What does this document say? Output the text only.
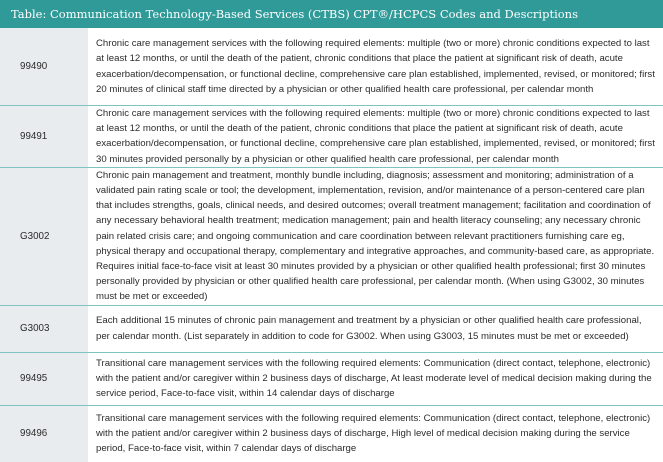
Table: Communication Technology-Based Services (CTBS) CPT®/HCPCS Codes and Descriptions
99490	Chronic care management services with the following required elements: multiple (two or more) chronic conditions expected to last at least 12 months, or until the death of the patient, chronic conditions that place the patient at significant risk of death, acute exacerbation/decompensation, or functional decline, comprehensive care plan established, implemented, revised, or monitored; first 20 minutes of clinical staff time directed by a physician or other qualified health care professional, per calendar month
99491	Chronic care management services with the following required elements: multiple (two or more) chronic conditions expected to last at least 12 months, or until the death of the patient, chronic conditions that place the patient at significant risk of death, acute exacerbation/decompensation, or functional decline, comprehensive care plan established, implemented, revised, or monitored; first 30 minutes provided personally by a physician or other qualified health care professional, per calendar month
G3002	Chronic pain management and treatment, monthly bundle including, diagnosis; assessment and monitoring; administration of a validated pain rating scale or tool; the development, implementation, revision, and/or maintenance of a person-centered care plan that includes strengths, goals, clinical needs, and desired outcomes; overall treatment management; facilitation and coordination of any necessary behavioral health treatment; medication management; pain and health literacy counseling; any necessary chronic pain related crisis care; and ongoing communication and care coordination between relevant practitioners furnishing care eg, physical therapy and occupational therapy, complementary and integrative approaches, and community-based care, as appropriate. Requires initial face-to-face visit at least 30 minutes provided by a physician or other qualified health professional; first 30 minutes personally provided by physician or other qualified health care professional, per calendar month. (When using G3002, 30 minutes must be met or exceeded)
G3003	Each additional 15 minutes of chronic pain management and treatment by a physician or other qualified health care professional, per calendar month. (List separately in addition to code for G3002. When using G3003, 15 minutes must be met or exceeded)
99495	Transitional care management services with the following required elements: Communication (direct contact, telephone, electronic) with the patient and/or caregiver within 2 business days of discharge, At least moderate level of medical decision making during the service period, Face-to-face visit, within 14 calendar days of discharge
99496	Transitional care management services with the following required elements: Communication (direct contact, telephone, electronic) with the patient and/or caregiver within 2 business days of discharge, High level of medical decision making during the service period, Face-to-face visit, within 7 calendar days of discharge
